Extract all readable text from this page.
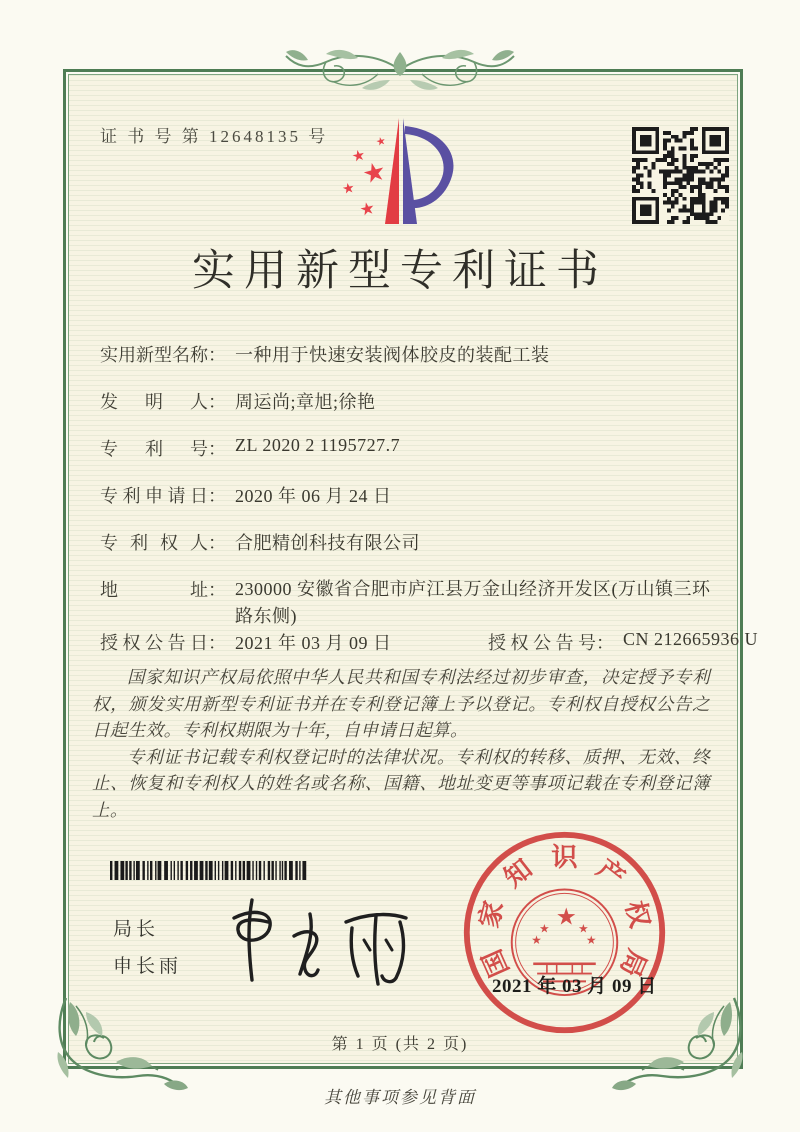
证 书 号 第 12648135 号
★
★
★
★
★
实用新型专利证书
实用新型名称 ： 一种用于快速安装阀体胶皮的装配工装
发明人 ： 周运尚;章旭;徐艳
专利号 ： ZL 2020 2 1195727.7
专利申请日 ： 2020 年 06 月 24 日
专利权人 ： 合肥精创科技有限公司
地址 ： 230000 安徽省合肥市庐江县万金山经济开发区(万山镇三环路东侧)
授权公告日 ： 2021 年 03 月 09 日	授权公告号 ： CN 212665936 U

国家知识产权局依照中华人民共和国专利法经过初步审查，决定授予专利权，颁发实用新型专利证书并在专利登记簿上予以登记。专利权自授权公告之日起生效。专利权期限为十年，自申请日起算。

专利证书记载专利权登记时的法律状况。专利权的转移、质押、无效、终止、恢复和专利权人的姓名或名称、国籍、地址变更等事项记载在专利登记簿上。

局长
申长雨
★
★ ★
★	★
国
家
知 识 产
权
局
2021 年 03 月 09 日
第 1 页 (共 2 页)
其他事项参见背面
